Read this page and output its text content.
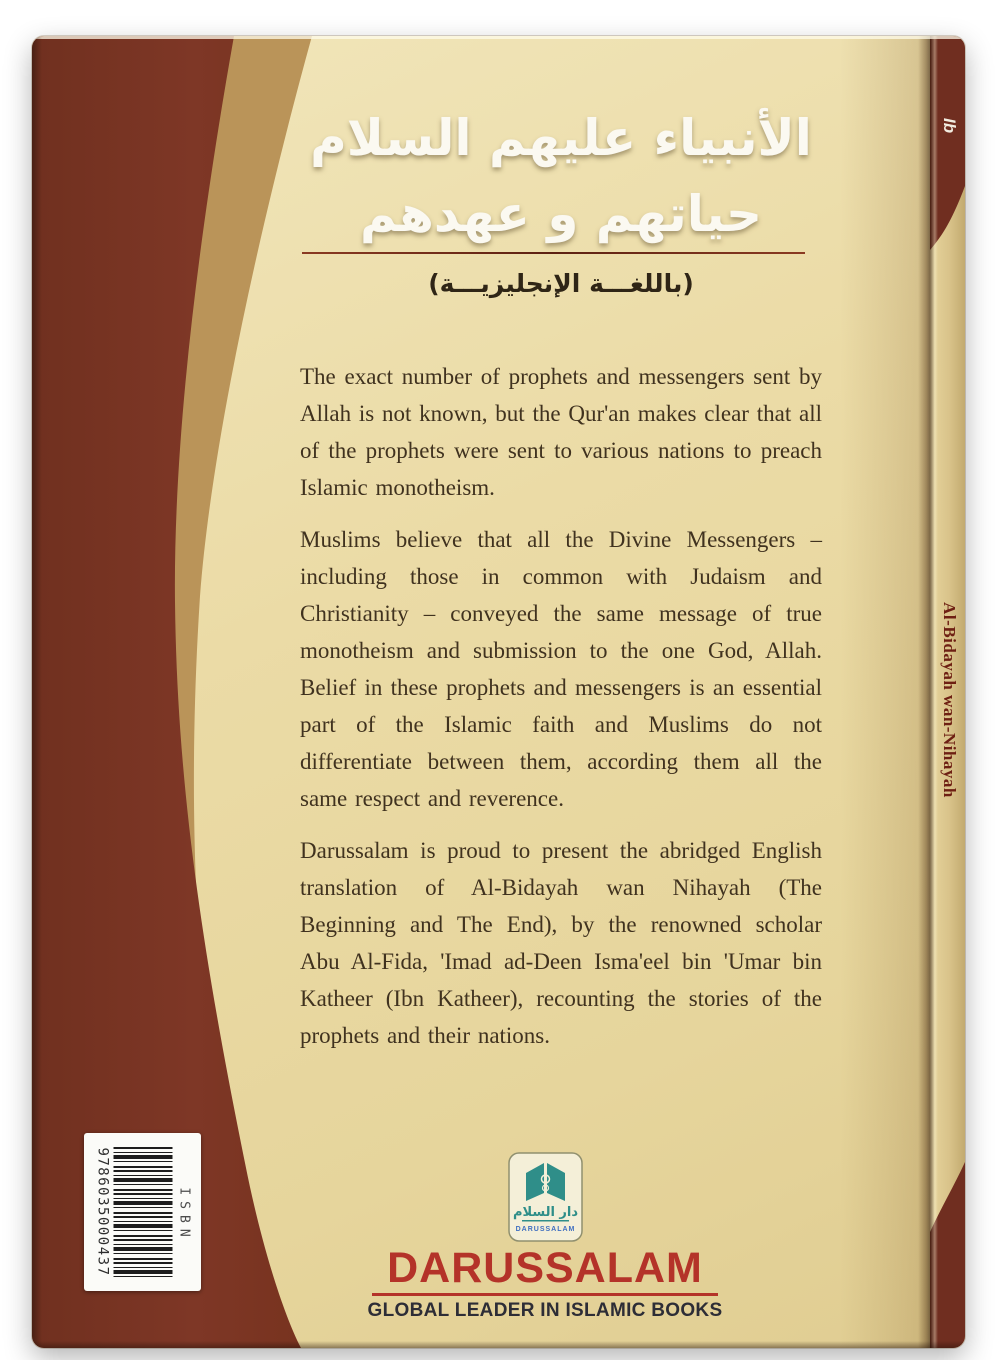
الأنبياء عليهم السلام
حياتهم و عهدهم
(باللغـــة الإنجليزيـــة)

The exact number of prophets and messengers sent by Allah is not known, but the Qur'an makes clear that all of the prophets were sent to various nations to preach Islamic monotheism.

Muslims believe that all the Divine Messengers – including those in common with Judaism and Christianity – conveyed the same message of true monotheism and submission to the one God, Allah. Belief in these prophets and messengers is an essential part of the Islamic faith and Muslims do not differentiate between them, according them all the same respect and reverence.

Darussalam is proud to present the abridged English translation of Al-Bidayah wan Nihayah (The Beginning and The End), by the renowned scholar Abu Al-Fida, 'Imad ad-Deen Isma'eel bin 'Umar bin Katheer (Ibn Katheer), recounting the stories of the prophets and their nations.

ISBN
9786035000437	دار السلام
DARUSSALAM
DARUSSALAM
GLOBAL LEADER IN ISLAMIC BOOKS
Al-Bidayah wan-Nihayah
Ib
